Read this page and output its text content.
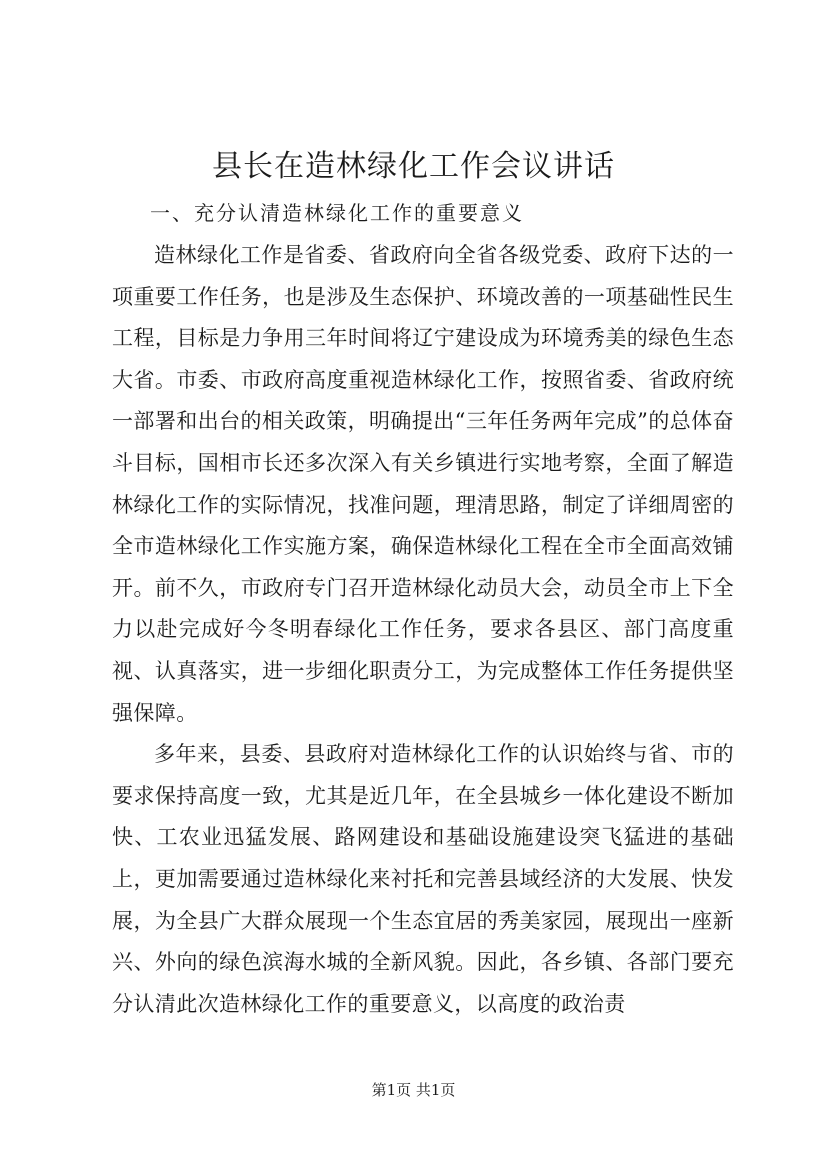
县长在造林绿化工作会议讲话
一、充分认清造林绿化工作的重要意义

造林绿化工作是省委、省政府向全省各级党委、政府下达的一项重要工作任务，也是涉及生态保护、环境改善的一项基础性民生工程，目标是力争用三年时间将辽宁建设成为环境秀美的绿色生态大省。市委、市政府高度重视造林绿化工作，按照省委、省政府统一部署和出台的相关政策，明确提出“三年任务两年完成”的总体奋斗目标，国相市长还多次深入有关乡镇进行实地考察，全面了解造林绿化工作的实际情况，找准问题，理清思路，制定了详细周密的全市造林绿化工作实施方案，确保造林绿化工程在全市全面高效铺开。前不久，市政府专门召开造林绿化动员大会，动员全市上下全力以赴完成好今冬明春绿化工作任务，要求各县区、部门高度重视、认真落实，进一步细化职责分工，为完成整体工作任务提供坚强保障。

多年来，县委、县政府对造林绿化工作的认识始终与省、市的要求保持高度一致，尤其是近几年，在全县城乡一体化建设不断加快、工农业迅猛发展、路网建设和基础设施建设突飞猛进的基础上，更加需要通过造林绿化来衬托和完善县域经济的大发展、快发展，为全县广大群众展现一个生态宜居的秀美家园，展现出一座新兴、外向的绿色滨海水城的全新风貌。因此，各乡镇、各部门要充分认清此次造林绿化工作的重要意义，以高度的政治责

第1页 共1页
